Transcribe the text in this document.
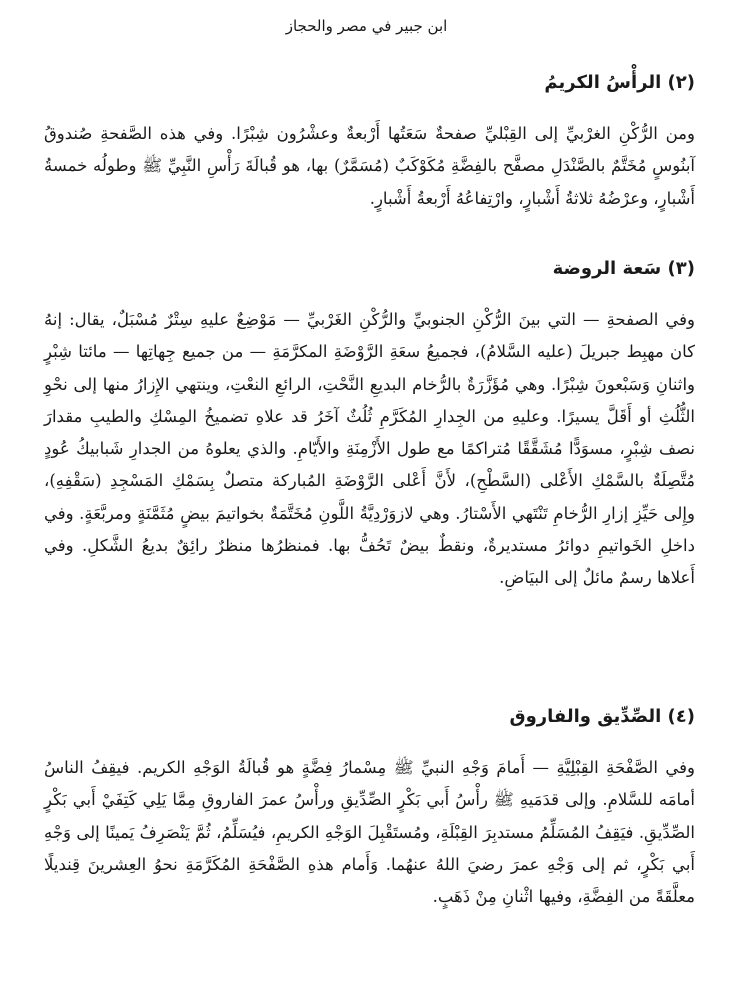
ابن جبير في مصر والحجاز
(٢) الرأْسُ الكريمُ

ومن الرُّكْنِ الغرْبيِّ إلى القِبْليِّ صفحةٌ سَعَتُها أَرْبعةٌ وعشْرُون شِبْرًا. وفي هذه الصَّفحةِ صُندوقُ آبنُوسٍ مُخَتَّمٌ بالصَّنْدَلِ مصفَّح بالفِضَّةِ مُكَوْكَبٌ (مُسَمَّرٌ) بها، هو قُبالَةَ رَأْسِ النَّبِيِّ ﷺ وطولُه خمسةُ أَشْبارٍ، وعرْضُهُ ثلاثةُ أَشْبارٍ، وارْتِفاعُهُ أَرْبعةُ أَشْبارٍ.

(٣) سَعة الروضة

وفي الصفحةِ — التي بينَ الرُّكْنِ الجنوبيِّ والرُّكْنِ الغَرْبيِّ — مَوْضِعٌ عليهِ سِتْرٌ مُسْبَلٌ، يقال: إنهُ كان مهبِط جبريلَ (عليه السَّلامُ)، فجميعُ سعَةِ الرَّوْضَةِ المكرَّمَةِ — من جميع جِهاتِها — مائتا شِبْرٍ واثنانِ وَسَبْعونَ شِبْرًا. وهي مُؤَزَّرَةٌ بالرُّخام البديعِ النَّحْتِ، الرائعِ النعْتِ، وينتهي الإِزارُ منها إلى نحْوِ الثُّلُثِ أو أَقَلَّ يسيرًا. وعليهِ من الجِدارِ المُكَرَّمِ ثُلُثٌ آخَرُ قد علاهِ تضميخُ المِسْكِ والطيبِ مقدارَ نصف شِبْرٍ، مسوَدًّا مُشَقَّقًا مُتراكمًا مع طول الأَزْمِنَةِ والأَيّامِ. والذي يعلوهُ من الجدارِ شَبابيكُ عُودٍ مُتَّصِلَةٌ بالسَّمْكِ الأَعْلى (السَّطْحِ)، لأَنَّ أَعْلى الرَّوْضَةِ المُباركة متصلٌ بِسَمْكِ المَسْجِدِ (سَقْفِهِ)، وإِلى حَيِّزِ إزارِ الرُّخامِ تَنْتَهي الأَسْتارُ. وهي لازوَرْدِيَّةُ اللَّونِ مُخَتَّمَةٌ بخواتيمَ بيضٍ مُثَمَّنَةٍ ومربَّعَةٍ. وفي داخلِ الخَواتيمِ دوائرُ مستديرةٌ، ونقطٌ بيضٌ تَحُفُّ بها. فمنظرُها منظرٌ رائِقٌ بديعُ الشَّكلِ. وفي أَعلاها رسمٌ مائلٌ إلى البيَاضِ.

(٤) الصِّدِّيق والفاروق

وفي الصَّفْحَةِ القِبْلِيَّةِ — أَمامَ وَجْهِ النبيِّ ﷺ مِسْمارُ فِضَّةٍ هو قُبالَةُ الوَجْهِ الكريم. فيقِفُ الناسُ أمامَه للسَّلامِ. وإلى قدَمَيهِ ﷺ رأْسُ أَبي بَكْرٍ الصِّدِّيقِ ورأْسُ عمرَ الفاروقِ مِمَّا يَلِي كَتِفَيْ أَبي بَكْرٍ الصِّدِّيقِ. فيَقِفُ المُسَلِّمُ مستدبِرَ القِبْلَةِ، ومُستَقْبِلَ الوَجْهِ الكريمِ، فيُسَلِّمُ، ثُمَّ يَنْصَرِفُ يَمينًا إلى وَجْهِ أَبي بَكْرٍ، ثم إلى وَجْهِ عمرَ رضيَ اللهُ عنهُما. وَأَمام هذهِ الصَّفْحَةِ المُكَرَّمَةِ نحوُ العِشرينَ قِنديلًا معلَّقَةً من الفِضَّةِ، وفيها اثْنانِ مِنْ ذَهَبٍ.
